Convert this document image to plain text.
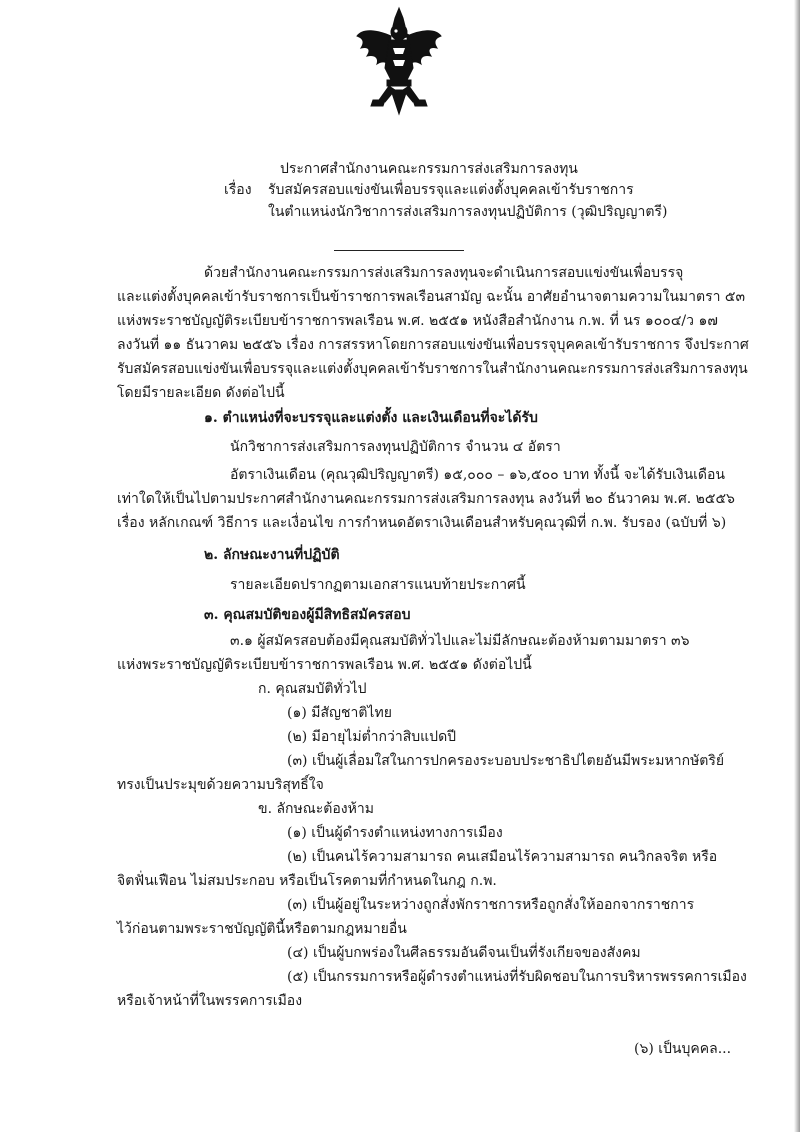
ประกาศสำนักงานคณะกรรมการส่งเสริมการลงทุน
เรื่อง รับสมัครสอบแข่งขันเพื่อบรรจุและแต่งตั้งบุคคลเข้ารับราชการ
ในตำแหน่งนักวิชาการส่งเสริมการลงทุนปฏิบัติการ (วุฒิปริญญาตรี)
ด้วยสำนักงานคณะกรรมการส่งเสริมการลงทุนจะดำเนินการสอบแข่งขันเพื่อบรรจุ
และแต่งตั้งบุคคลเข้ารับราชการเป็นข้าราชการพลเรือนสามัญ ฉะนั้น อาศัยอำนาจตามความในมาตรา ๕๓
แห่งพระราชบัญญัติระเบียบข้าราชการพลเรือน พ.ศ. ๒๕๕๑ หนังสือสำนักงาน ก.พ. ที่ นร ๑๐๐๔/ว ๑๗
ลงวันที่ ๑๑ ธันวาคม ๒๕๕๖ เรื่อง การสรรหาโดยการสอบแข่งขันเพื่อบรรจุบุคคลเข้ารับราชการ จึงประกาศ
รับสมัครสอบแข่งขันเพื่อบรรจุและแต่งตั้งบุคคลเข้ารับราชการในสำนักงานคณะกรรมการส่งเสริมการลงทุน
โดยมีรายละเอียด ดังต่อไปนี้
๑. ตำแหน่งที่จะบรรจุและแต่งตั้ง และเงินเดือนที่จะได้รับ
นักวิชาการส่งเสริมการลงทุนปฏิบัติการ จำนวน ๔ อัตรา
อัตราเงินเดือน (คุณวุฒิปริญญาตรี) ๑๕,๐๐๐ – ๑๖,๕๐๐ บาท ทั้งนี้ จะได้รับเงินเดือน
เท่าใดให้เป็นไปตามประกาศสำนักงานคณะกรรมการส่งเสริมการลงทุน ลงวันที่ ๒๐ ธันวาคม พ.ศ. ๒๕๕๖
เรื่อง หลักเกณฑ์ วิธีการ และเงื่อนไข การกำหนดอัตราเงินเดือนสำหรับคุณวุฒิที่ ก.พ. รับรอง (ฉบับที่ ๖)
๒. ลักษณะงานที่ปฏิบัติ
รายละเอียดปรากฏตามเอกสารแนบท้ายประกาศนี้
๓. คุณสมบัติของผู้มีสิทธิสมัครสอบ
๓.๑ ผู้สมัครสอบต้องมีคุณสมบัติทั่วไปและไม่มีลักษณะต้องห้ามตามมาตรา ๓๖
แห่งพระราชบัญญัติระเบียบข้าราชการพลเรือน พ.ศ. ๒๕๕๑ ดังต่อไปนี้
ก. คุณสมบัติทั่วไป
(๑) มีสัญชาติไทย
(๒) มีอายุไม่ต่ำกว่าสิบแปดปี
(๓) เป็นผู้เลื่อมใสในการปกครองระบอบประชาธิปไตยอันมีพระมหากษัตริย์
ทรงเป็นประมุขด้วยความบริสุทธิ์ใจ
ข. ลักษณะต้องห้าม
(๑) เป็นผู้ดำรงตำแหน่งทางการเมือง
(๒) เป็นคนไร้ความสามารถ คนเสมือนไร้ความสามารถ คนวิกลจริต หรือ
จิตฟั่นเฟือน ไม่สมประกอบ หรือเป็นโรคตามที่กำหนดในกฎ ก.พ.
(๓) เป็นผู้อยู่ในระหว่างถูกสั่งพักราชการหรือถูกสั่งให้ออกจากราชการ
ไว้ก่อนตามพระราชบัญญัตินี้หรือตามกฎหมายอื่น
(๔) เป็นผู้บกพร่องในศีลธรรมอันดีจนเป็นที่รังเกียจของสังคม
(๕) เป็นกรรมการหรือผู้ดำรงตำแหน่งที่รับผิดชอบในการบริหารพรรคการเมือง
หรือเจ้าหน้าที่ในพรรคการเมือง
(๖) เป็นบุคคล...
